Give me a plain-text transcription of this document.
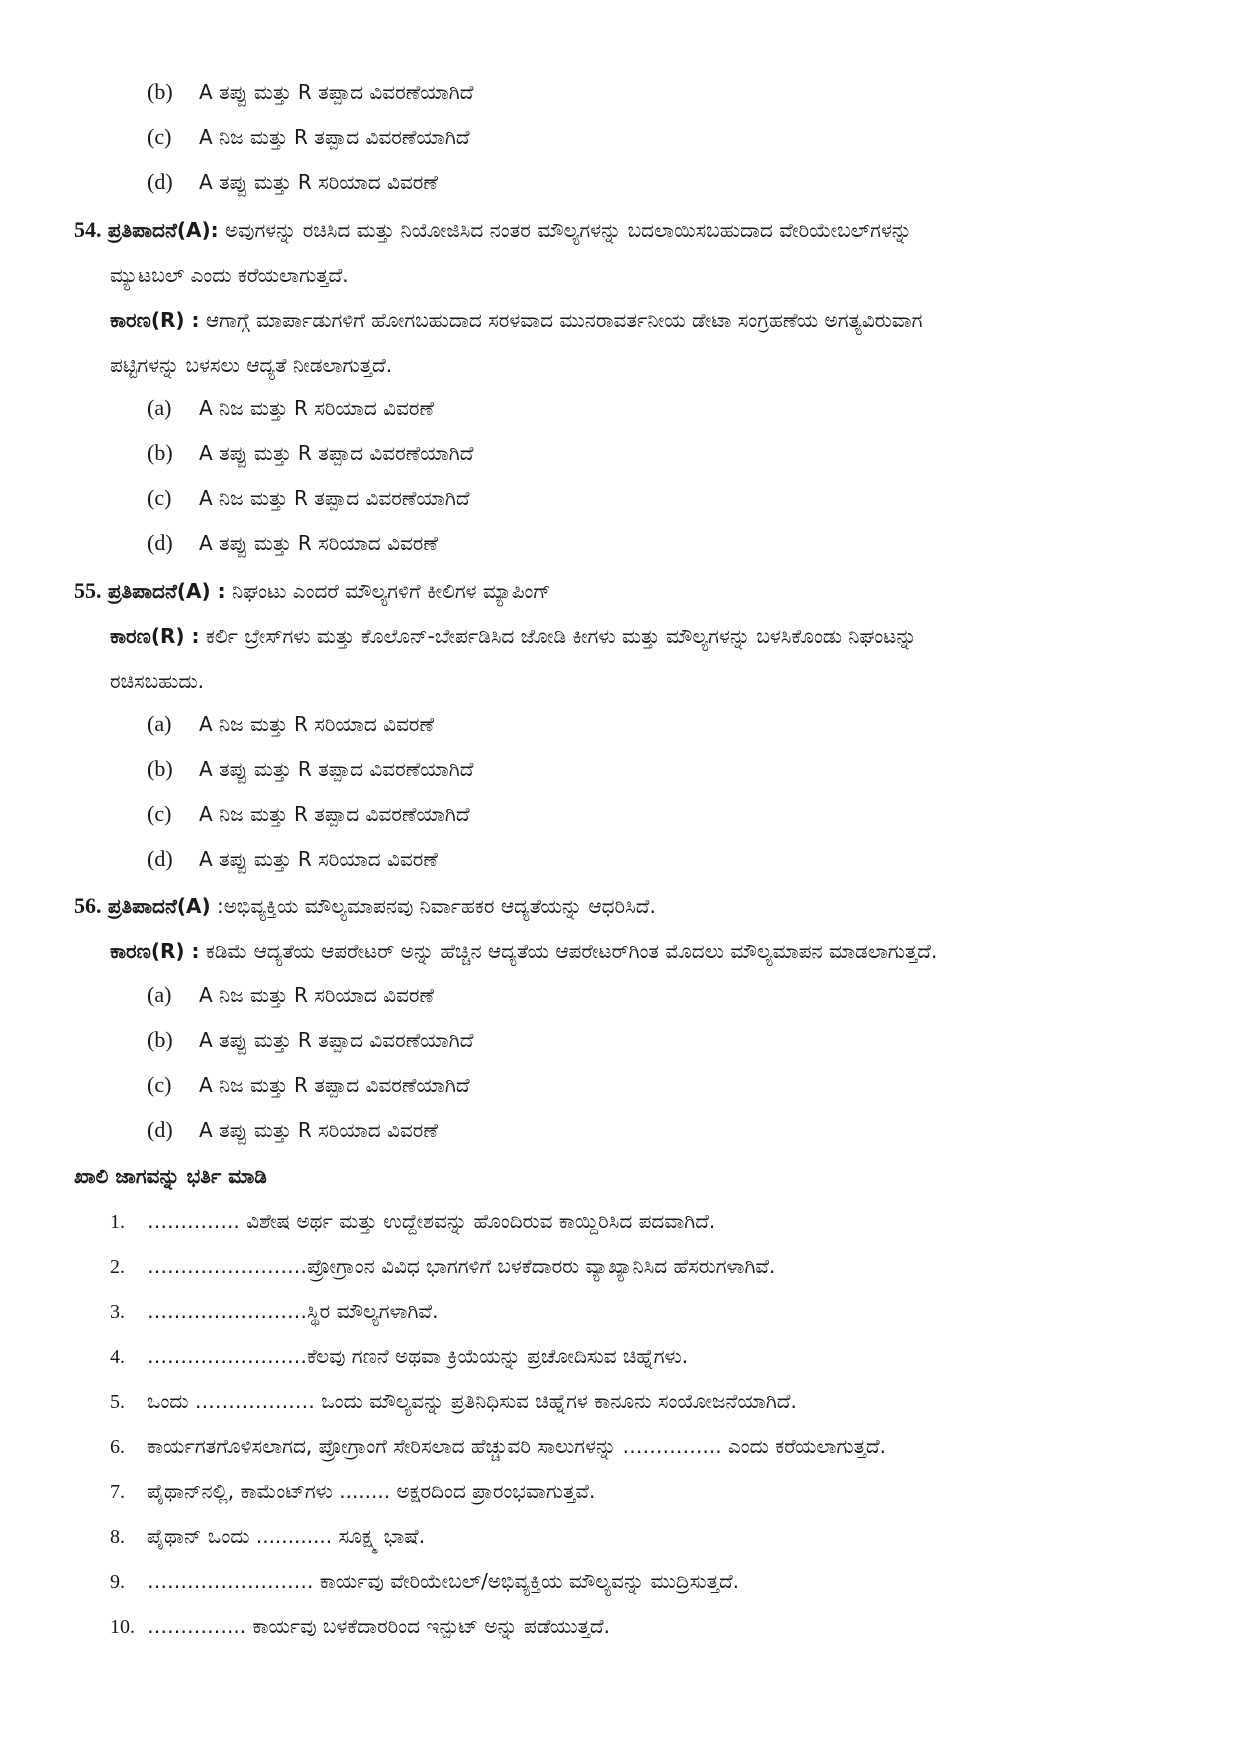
(b) A ತಪ್ಪು ಮತ್ತು R ತಪ್ಪಾದ ವಿವರಣೆಯಾಗಿದೆ
(c) A ನಿಜ ಮತ್ತು R ತಪ್ಪಾದ ವಿವರಣೆಯಾಗಿದೆ
(d) A ತಪ್ಪು ಮತ್ತು R ಸರಿಯಾದ ವಿವರಣೆ
54. ಪ್ರತಿಪಾದನೆ(A): ಅವುಗಳನ್ನು ರಚಿಸಿದ ಮತ್ತು ನಿಯೋಜಿಸಿದ ನಂತರ ಮೌಲ್ಯಗಳನ್ನು ಬದಲಾಯಿಸಬಹುದಾದ ವೇರಿಯೇಬಲ್‌ಗಳನ್ನು
ಮ್ಯುಟಬಲ್ ಎಂದು ಕರೆಯಲಾಗುತ್ತದೆ.
ಕಾರಣ(R) : ಆಗಾಗ್ಗೆ ಮಾರ್ಪಾಡುಗಳಿಗೆ ಹೋಗಬಹುದಾದ ಸರಳವಾದ ಮುನರಾವರ್ತನೀಯ ಡೇಟಾ ಸಂಗ್ರಹಣೆಯ ಅಗತ್ಯವಿರುವಾಗ
ಪಟ್ಟಿಗಳನ್ನು ಬಳಸಲು ಆದ್ಯತೆ ನೀಡಲಾಗುತ್ತದೆ.
(a) A ನಿಜ ಮತ್ತು R ಸರಿಯಾದ ವಿವರಣೆ
(b) A ತಪ್ಪು ಮತ್ತು R ತಪ್ಪಾದ ವಿವರಣೆಯಾಗಿದೆ
(c) A ನಿಜ ಮತ್ತು R ತಪ್ಪಾದ ವಿವರಣೆಯಾಗಿದೆ
(d) A ತಪ್ಪು ಮತ್ತು R ಸರಿಯಾದ ವಿವರಣೆ
55. ಪ್ರತಿಪಾದನೆ(A) : ನಿಘಂಟು ಎಂದರೆ ಮೌಲ್ಯಗಳಿಗೆ ಕೀಲಿಗಳ ಮ್ಯಾಪಿಂಗ್
ಕಾರಣ(R) : ಕರ್ಲಿ ಬ್ರೇಸ್‌ಗಳು ಮತ್ತು ಕೊಲೊನ್-ಬೇರ್ಪಡಿಸಿದ ಜೋಡಿ ಕೀಗಳು ಮತ್ತು ಮೌಲ್ಯಗಳನ್ನು ಬಳಸಿಕೊಂಡು ನಿಘಂಟನ್ನು
ರಚಿಸಬಹುದು.
(a) A ನಿಜ ಮತ್ತು R ಸರಿಯಾದ ವಿವರಣೆ
(b) A ತಪ್ಪು ಮತ್ತು R ತಪ್ಪಾದ ವಿವರಣೆಯಾಗಿದೆ
(c) A ನಿಜ ಮತ್ತು R ತಪ್ಪಾದ ವಿವರಣೆಯಾಗಿದೆ
(d) A ತಪ್ಪು ಮತ್ತು R ಸರಿಯಾದ ವಿವರಣೆ
56. ಪ್ರತಿಪಾದನೆ(A) :ಅಭಿವ್ಯಕ್ತಿಯ ಮೌಲ್ಯಮಾಪನವು ನಿರ್ವಾಹಕರ ಆದ್ಯತೆಯನ್ನು ಆಧರಿಸಿದೆ.
ಕಾರಣ(R) : ಕಡಿಮೆ ಆದ್ಯತೆಯ ಆಪರೇಟರ್ ಅನ್ನು ಹೆಚ್ಚಿನ ಆದ್ಯತೆಯ ಆಪರೇಟರ್‌ಗಿಂತ ಮೊದಲು ಮೌಲ್ಯಮಾಪನ ಮಾಡಲಾಗುತ್ತದೆ.
(a) A ನಿಜ ಮತ್ತು R ಸರಿಯಾದ ವಿವರಣೆ
(b) A ತಪ್ಪು ಮತ್ತು R ತಪ್ಪಾದ ವಿವರಣೆಯಾಗಿದೆ
(c) A ನಿಜ ಮತ್ತು R ತಪ್ಪಾದ ವಿವರಣೆಯಾಗಿದೆ
(d) A ತಪ್ಪು ಮತ್ತು R ಸರಿಯಾದ ವಿವರಣೆ
ಖಾಲಿ ಜಾಗವನ್ನು ಭರ್ತಿ ಮಾಡಿ
1. ………….. ವಿಶೇಷ ಅರ್ಥ ಮತ್ತು ಉದ್ದೇಶವನ್ನು ಹೊಂದಿರುವ ಕಾಯ್ದಿರಿಸಿದ ಪದವಾಗಿದೆ.
2. ……………………ಪ್ರೋಗ್ರಾಂನ ವಿವಿಧ ಭಾಗಗಳಿಗೆ ಬಳಕೆದಾರರು ವ್ಯಾಖ್ಯಾನಿಸಿದ ಹೆಸರುಗಳಾಗಿವೆ.
3. ……………………ಸ್ಥಿರ ಮೌಲ್ಯಗಳಾಗಿವೆ.
4. ……………………ಕೆಲವು ಗಣನೆ ಅಥವಾ ಕ್ರಿಯೆಯನ್ನು ಪ್ರಚೋದಿಸುವ ಚಿಹ್ನೆಗಳು.
5. ಒಂದು ……………… ಒಂದು ಮೌಲ್ಯವನ್ನು ಪ್ರತಿನಿಧಿಸುವ ಚಿಹ್ನೆಗಳ ಕಾನೂನು ಸಂಯೋಜನೆಯಾಗಿದೆ.
6. ಕಾರ್ಯಗತಗೊಳಿಸಲಾಗದ, ಪ್ರೋಗ್ರಾಂಗೆ ಸೇರಿಸಲಾದ ಹೆಚ್ಚುವರಿ ಸಾಲುಗಳನ್ನು …………... ಎಂದು ಕರೆಯಲಾಗುತ್ತದೆ.
7. ಪೈಥಾನ್‌ನಲ್ಲಿ, ಕಾಮೆಂಟ್‌ಗಳು ........ ಅಕ್ಷರದಿಂದ ಪ್ರಾರಂಭವಾಗುತ್ತವೆ.
8. ಪೈಥಾನ್ ಒಂದು ............ ಸೂಕ್ಷ್ಮ ಭಾಷೆ.
9. ……………………. ಕಾರ್ಯವು ವೇರಿಯೇಬಲ್/ಅಭಿವ್ಯಕ್ತಿಯ ಮೌಲ್ಯವನ್ನು ಮುದ್ರಿಸುತ್ತದೆ.
10. …………... ಕಾರ್ಯವು ಬಳಕೆದಾರರಿಂದ ಇನ್ಪುಟ್ ಅನ್ನು ಪಡೆಯುತ್ತದೆ.
